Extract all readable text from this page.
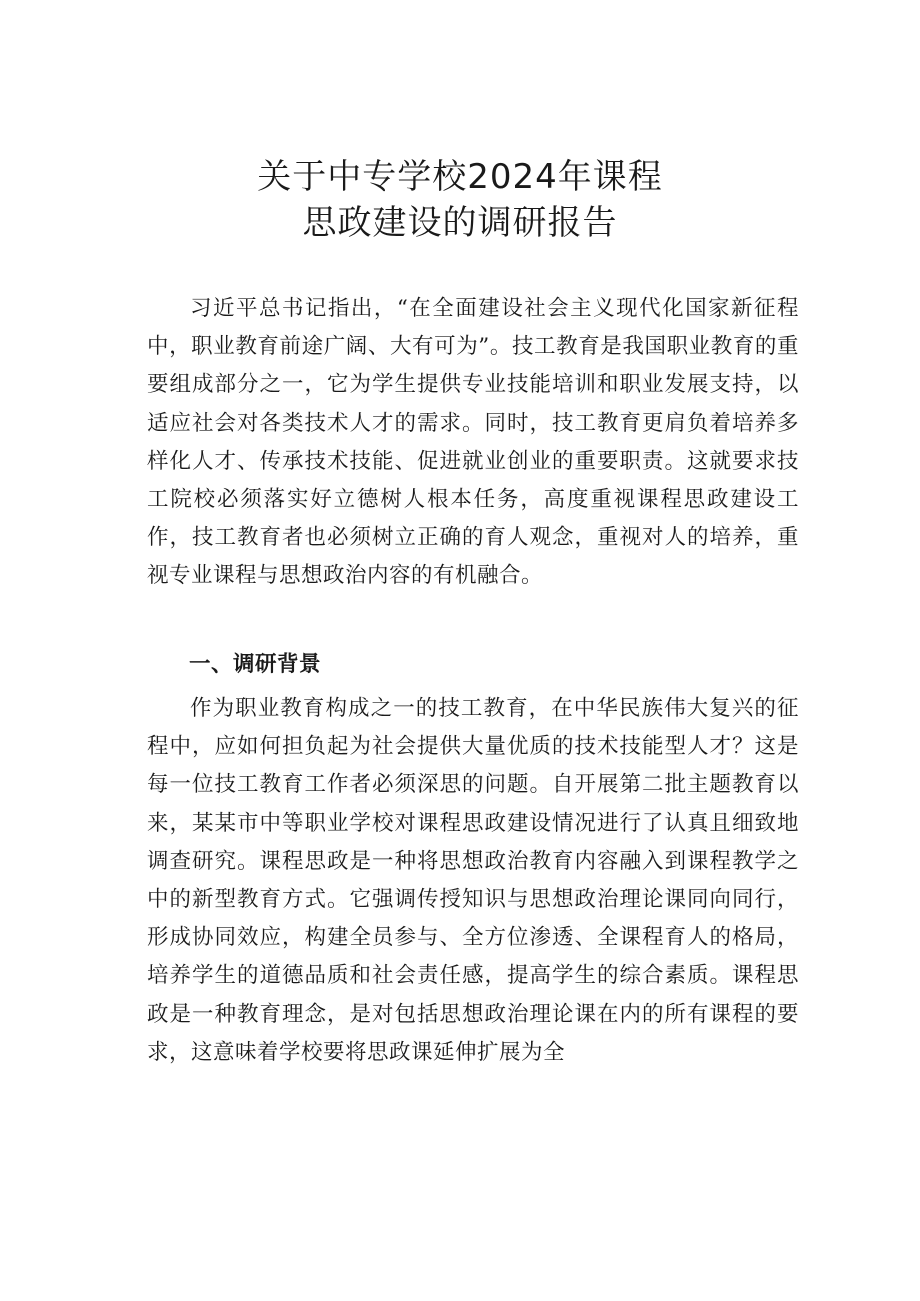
关于中专学校2024年课程
思政建设的调研报告

习近平总书记指出，“在全面建设社会主义现代化国家新征程中，职业教育前途广阔、大有可为”。技工教育是我国职业教育的重要组成部分之一，它为学生提供专业技能培训和职业发展支持，以适应社会对各类技术人才的需求。同时，技工教育更肩负着培养多样化人才、传承技术技能、促进就业创业的重要职责。这就要求技工院校必须落实好立德树人根本任务，高度重视课程思政建设工作，技工教育者也必须树立正确的育人观念，重视对人的培养，重视专业课程与思想政治内容的有机融合。

一、调研背景

作为职业教育构成之一的技工教育，在中华民族伟大复兴的征程中，应如何担负起为社会提供大量优质的技术技能型人才？这是每一位技工教育工作者必须深思的问题。自开展第二批主题教育以来，某某市中等职业学校对课程思政建设情况进行了认真且细致地调查研究。课程思政是一种将思想政治教育内容融入到课程教学之中的新型教育方式。它强调传授知识与思想政治理论课同向同行，形成协同效应，构建全员参与、全方位渗透、全课程育人的格局，培养学生的道德品质和社会责任感，提高学生的综合素质。课程思政是一种教育理念，是对包括思想政治理论课在内的所有课程的要求，这意味着学校要将思政课延伸扩展为全
